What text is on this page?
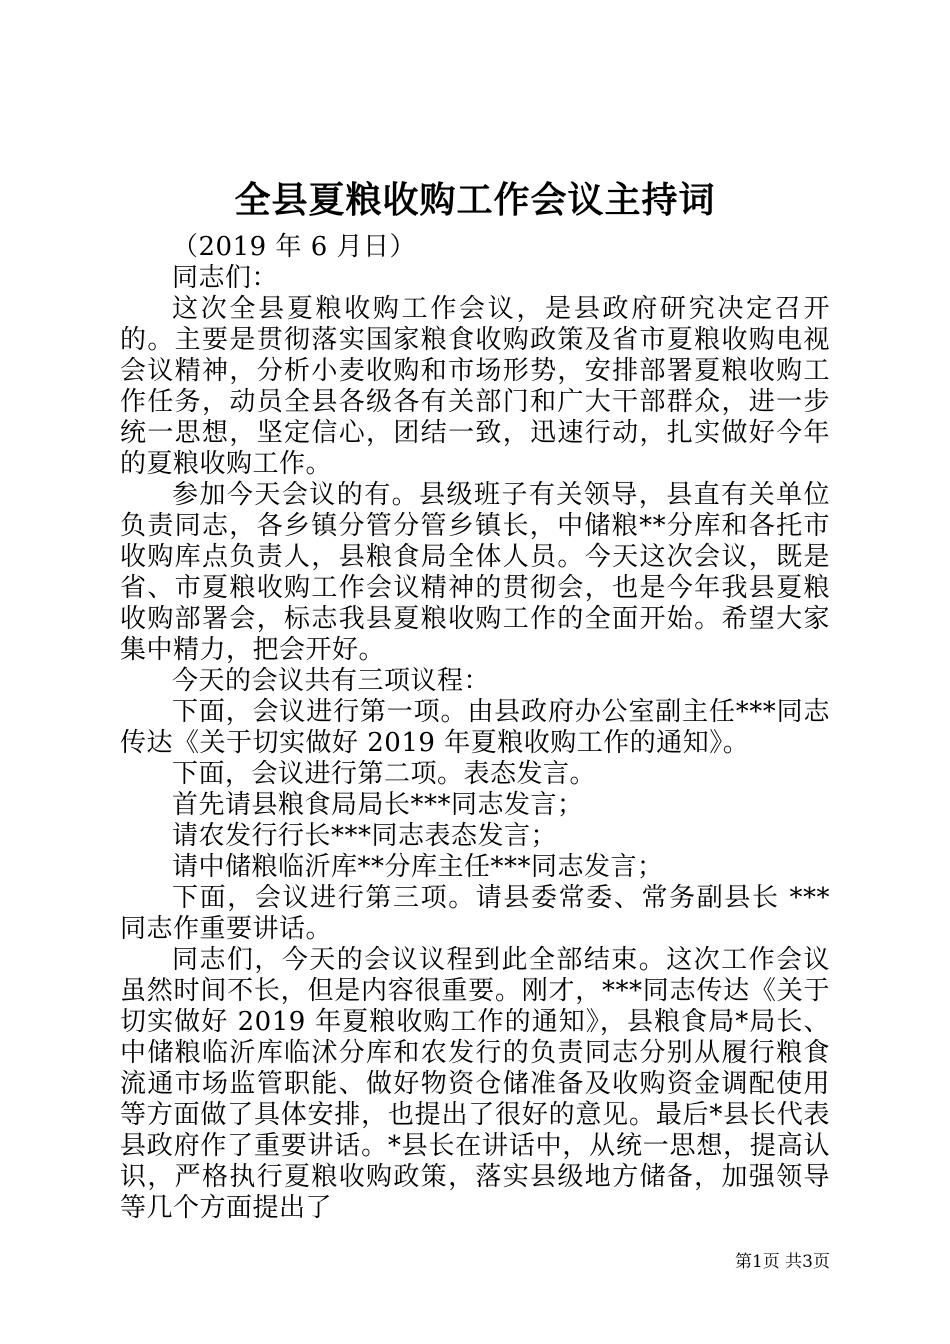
全县夏粮收购工作会议主持词

（2019 年 6 月日）

同志们：

这次全县夏粮收购工作会议，是县政府研究决定召开的。主要是贯彻落实国家粮食收购政策及省市夏粮收购电视会议精神，分析小麦收购和市场形势，安排部署夏粮收购工作任务，动员全县各级各有关部门和广大干部群众，进一步统一思想，坚定信心，团结一致，迅速行动，扎实做好今年的夏粮收购工作。

参加今天会议的有。县级班子有关领导，县直有关单位负责同志，各乡镇分管分管乡镇长，中储粮**分库和各托市收购库点负责人，县粮食局全体人员。今天这次会议，既是省、市夏粮收购工作会议精神的贯彻会，也是今年我县夏粮收购部署会，标志我县夏粮收购工作的全面开始。希望大家集中精力，把会开好。

今天的会议共有三项议程：

下面，会议进行第一项。由县政府办公室副主任***同志传达《关于切实做好 2019 年夏粮收购工作的通知》。

下面，会议进行第二项。表态发言。

首先请县粮食局局长***同志发言；

请农发行行长***同志表态发言；

请中储粮临沂库**分库主任***同志发言；

下面，会议进行第三项。请县委常委、常务副县长 ***同志作重要讲话。

同志们，今天的会议议程到此全部结束。这次工作会议虽然时间不长，但是内容很重要。刚才，***同志传达《关于切实做好 2019 年夏粮收购工作的通知》，县粮食局*局长、中储粮临沂库临沭分库和农发行的负责同志分别从履行粮食流通市场监管职能、做好物资仓储准备及收购资金调配使用等方面做了具体安排，也提出了很好的意见。最后*县长代表县政府作了重要讲话。*县长在讲话中，从统一思想，提高认识，严格执行夏粮收购政策，落实县级地方储备，加强领导等几个方面提出了

第1页 共3页
